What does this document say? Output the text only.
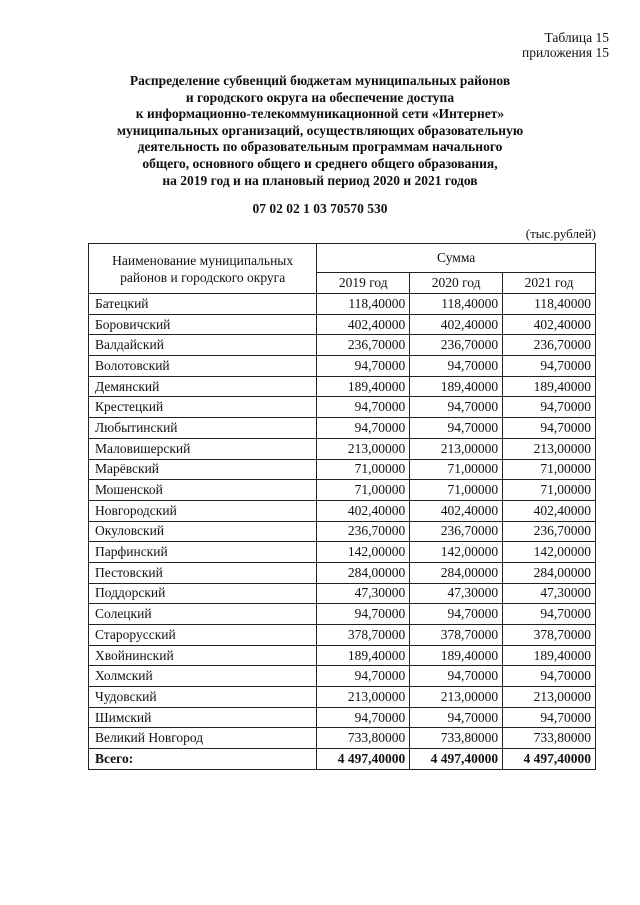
Таблица 15
приложения 15
Распределение субвенций бюджетам муниципальных районов
и городского округа на обеспечение доступа
к информационно-телекоммуникационной сети «Интернет»
муниципальных организаций, осуществляющих образовательную
деятельность по образовательным программам начального
общего, основного общего и среднего общего образования,
на 2019 год и на плановый период 2020 и 2021 годов
07 02 02 1 03 70570 530
(тыс.рублей)
Наименование муниципальных районов и городского округа	Сумма		
	2019 год	2020 год	2021 год
Батецкий	118,40000	118,40000	118,40000
Боровичский	402,40000	402,40000	402,40000
Валдайский	236,70000	236,70000	236,70000
Волотовский	94,70000	94,70000	94,70000
Демянский	189,40000	189,40000	189,40000
Крестецкий	94,70000	94,70000	94,70000
Любытинский	94,70000	94,70000	94,70000
Маловишерский	213,00000	213,00000	213,00000
Марёвский	71,00000	71,00000	71,00000
Мошенской	71,00000	71,00000	71,00000
Новгородский	402,40000	402,40000	402,40000
Окуловский	236,70000	236,70000	236,70000
Парфинский	142,00000	142,00000	142,00000
Пестовский	284,00000	284,00000	284,00000
Поддорский	47,30000	47,30000	47,30000
Солецкий	94,70000	94,70000	94,70000
Старорусский	378,70000	378,70000	378,70000
Хвойнинский	189,40000	189,40000	189,40000
Холмский	94,70000	94,70000	94,70000
Чудовский	213,00000	213,00000	213,00000
Шимский	94,70000	94,70000	94,70000
Великий Новгород	733,80000	733,80000	733,80000
Всего:	4 497,40000	4 497,40000	4 497,40000
